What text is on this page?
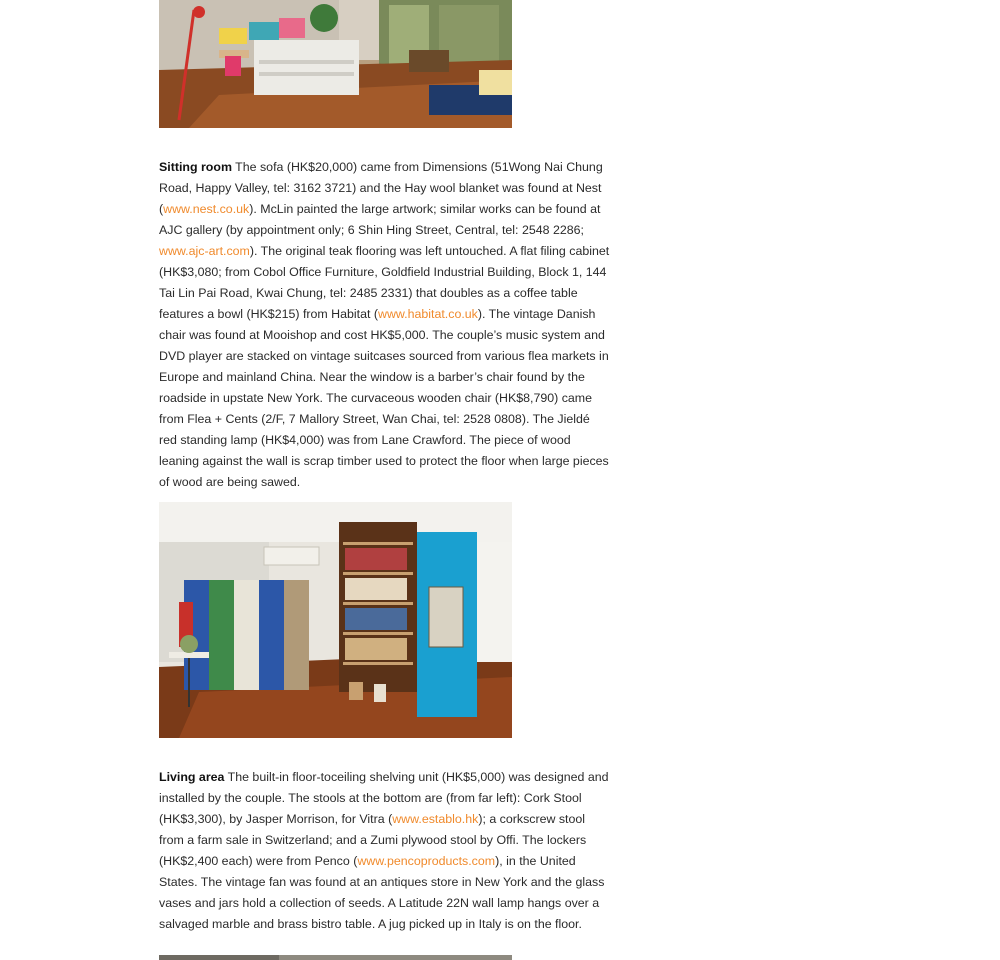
Sitting room The sofa (HK$20,000) came from Dimensions (51Wong Nai Chung Road, Happy Valley, tel: 3162 3721) and the Hay wool blanket was found at Nest (www.nest.co.uk). McLin painted the large artwork; similar works can be found at AJC gallery (by appointment only; 6 Shin Hing Street, Central, tel: 2548 2286; www.ajc-art.com). The original teak flooring was left untouched. A flat filing cabinet (HK$3,080; from Cobol Office Furniture, Goldfield Industrial Building, Block 1, 144 Tai Lin Pai Road, Kwai Chung, tel: 2485 2331) that doubles as a coffee table features a bowl (HK$215) from Habitat (www.habitat.co.uk). The vintage Danish chair was found at Mooishop and cost HK$5,000. The couple’s music system and DVD player are stacked on vintage suitcases sourced from various flea markets in Europe and mainland China. Near the window is a barber’s chair found by the roadside in upstate New York. The curvaceous wooden chair (HK$8,790) came from Flea + Cents (2/F, 7 Mallory Street, Wan Chai, tel: 2528 0808). The Jieldé red standing lamp (HK$4,000) was from Lane Crawford. The piece of wood leaning against the wall is scrap timber used to protect the floor when large pieces of wood are being sawed.

Living area The built-in floor-toceiling shelving unit (HK$5,000) was designed and installed by the couple. The stools at the bottom are (from far left): Cork Stool (HK$3,300), by Jasper Morrison, for Vitra (www.establo.hk); a corkscrew stool from a farm sale in Switzerland; and a Zumi plywood stool by Offi. The lockers (HK$2,400 each) were from Penco (www.pencoproducts.com), in the United States. The vintage fan was found at an antiques store in New York and the glass vases and jars hold a collection of seeds. A Latitude 22N wall lamp hangs over a salvaged marble and brass bistro table. A jug picked up in Italy is on the floor.
